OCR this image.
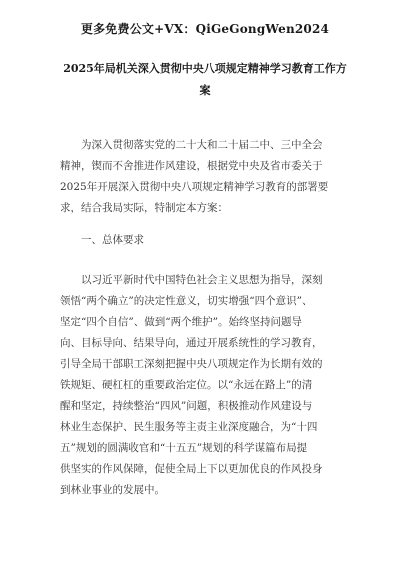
更多免费公文+VX：QiGeGongWen2024
2025年局机关深入贯彻中央八项规定精神学习教育工作方
案
为深入贯彻落实党的二十大和二十届二中、三中全会
精神，锲而不舍推进作风建设，根据党中央及省市委关于
2025年开展深入贯彻中央八项规定精神学习教育的部署要
求，结合我局实际，特制定本方案：
一、总体要求
以习近平新时代中国特色社会主义思想为指导，深刻
领悟“两个确立”的决定性意义，切实增强“四个意识”、
坚定“四个自信”、做到“两个维护”。始终坚持问题导
向、目标导向、结果导向，通过开展系统性的学习教育，
引导全局干部职工深刻把握中央八项规定作为长期有效的
铁规矩、硬杠杠的重要政治定位。以“永远在路上”的清
醒和坚定，持续整治“四风”问题，积极推动作风建设与
林业生态保护、民生服务等主责主业深度融合，为“十四
五”规划的圆满收官和“十五五”规划的科学谋篇布局提
供坚实的作风保障，促使全局上下以更加优良的作风投身
到林业事业的发展中。
